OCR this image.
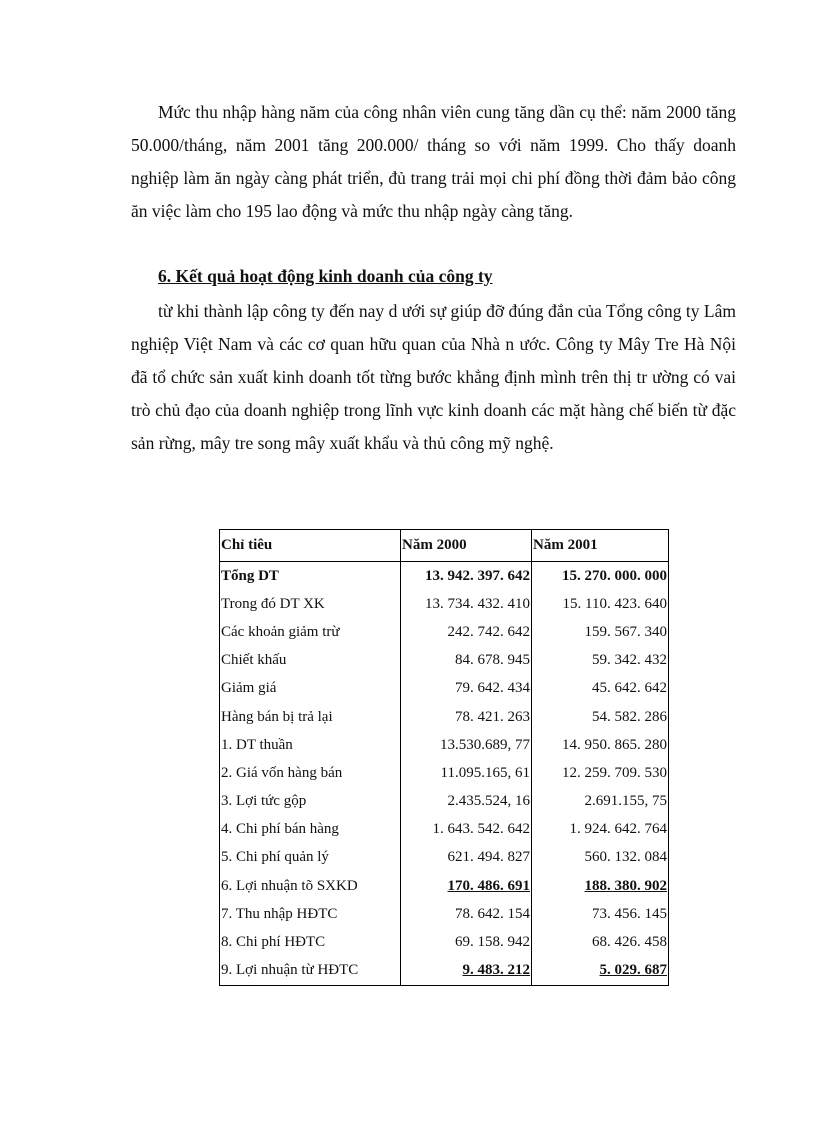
Mức thu nhập hàng năm của công nhân viên cung tăng dần cụ thể: năm 2000 tăng 50.000/tháng, năm 2001 tăng 200.000/ tháng so với năm 1999. Cho thấy doanh nghiệp làm ăn ngày càng phát triển, đủ trang trải mọi chi phí đồng thời đảm bảo công ăn việc làm cho 195 lao động và mức thu nhập ngày càng tăng.
6. Kết quả hoạt động kinh doanh của công ty
từ khi thành lập công ty đến nay d ưới sự giúp đỡ đúng đắn của Tổng công ty Lâm nghiệp Việt Nam và các cơ quan hữu quan của Nhà n ước. Công ty Mây Tre Hà Nội đã tổ chức sản xuất kinh doanh tốt từng bước khẳng định mình trên thị tr ường có vai trò chủ đạo của doanh nghiệp trong lĩnh vực kinh doanh các mặt hàng chế biến từ đặc sản rừng, mây tre song mây xuất khẩu và thủ công mỹ nghệ.
Chỉ tiêu	Năm 2000	Năm 2001
Tổng DT	13. 942. 397. 642	15. 270. 000. 000
Trong đó DT XK	13. 734. 432. 410	15. 110. 423. 640
Các khoản giảm trừ	242. 742. 642	159. 567. 340
Chiết khấu	84. 678. 945	59. 342. 432
Giảm giá	79. 642. 434	45. 642. 642
Hàng bán bị trả lại	78. 421. 263	54. 582. 286
1. DT thuần	13.530.689, 77	14. 950. 865. 280
2. Giá vốn hàng bán	11.095.165, 61	12. 259. 709. 530
3. Lợi tức gộp	2.435.524, 16	2.691.155, 75
4. Chi phí bán hàng	1. 643. 542. 642	1. 924. 642. 764
5. Chi phí quản lý	621. 494. 827	560. 132. 084
6. Lợi nhuận tõ SXKD	170. 486. 691	188. 380. 902
7. Thu nhập HĐTC	78. 642. 154	73. 456. 145
8. Chi phí HĐTC	69. 158. 942	68. 426. 458
9. Lợi nhuận từ HĐTC	9. 483. 212	5. 029. 687
